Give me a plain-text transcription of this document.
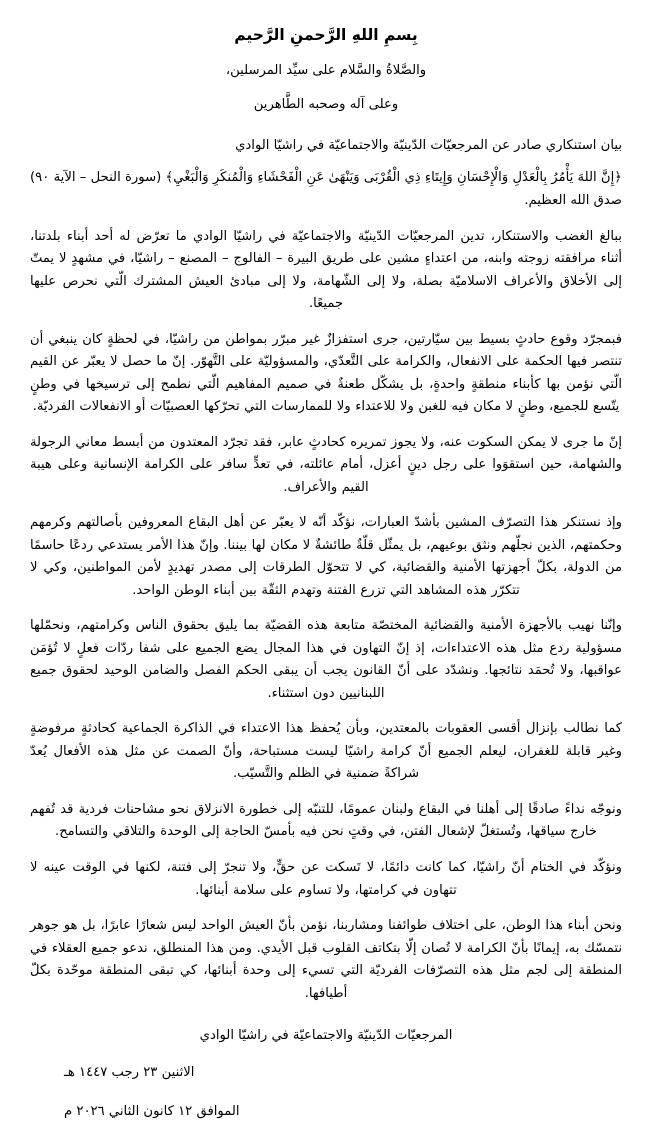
بِسمِ اللهِ الرَّحمنِ الرَّحيم
والصَّلاةُ والسَّلام على سيِّد المرسلين،
وعلى آله وصحبه الطَّاهرين
بيان استنكاري صادر عن المرجعيّات الدّينيّة والاجتماعيّة في راشيّا الوادي
﴿إِنَّ اللهَ يَأْمُرُ بِالْعَدْلِ وَالْإِحْسَانِ وَإِيتَاءِ ذِي الْقُرْبَى وَيَنْهَىٰ عَنِ الْفَحْشَاءِ وَالْمُنكَرِ وَالْبَغْيِ﴾ (سورة النحل – الآية ٩٠) صدق الله العظيم.
ببالغ الغضب والاستنكار، تدين المرجعيّات الدّينيّة والاجتماعيّة في راشيّا الوادي ما تعرّض له أحد أبناء بلدتنا، أثناء مرافقته زوجته وابنه، من اعتداءٍ مشين على طريق البيرة – الفالوج – المصنع – راشيّا، في مشهدٍ لا يمتّ إلى الأخلاق والأعراف الاسلاميّة بصلة، ولا إلى الشّهامة، ولا إلى مبادئ العيش المشترك الّتي نحرص عليها جميعًا.
فبمجرّد وقوع حادثٍ بسيط بين سيّارتين، جرى استفزازٌ غير مبرّر بمواطن من راشيّا، في لحظةٍ كان ينبغي أن تنتصر فيها الحكمة على الانفعال، والكرامة على التَّعدّي، والمسؤوليّة على التَّهوّر. إنّ ما حصل لا يعبّر عن القيم الّتي نؤمن بها كأبناء منطقةٍ واحدةٍ، بل يشكّل طعنةٌ في صميم المفاهيم الّتي نطمح إلى ترسيخها في وطنٍ يتّسع للجميع، وطنٍ لا مكان فيه للغبن ولا للاعتداء ولا للممارسات التي تحرّكها العصبيّات أو الانفعالات الفرديّة.
إنّ ما جرى لا يمكن السكوت عنه، ولا يجوز تمريره كحادثٍ عابر، فقد تجرّد المعتدون من أبسط معاني الرجولة والشهامة، حين استقوَوا على رجل دينٍ أعزل، أمام عائلته، في تعدٍّ سافر على الكرامة الإنسانية وعلى هيبة القيم والأعراف.
وإذ نستنكر هذا التصرّف المشين بأشدّ العبارات، نؤكّد أنّه لا يعبّر عن أهل البقاع المعروفين بأصالتهم وكرمهم وحكمتهم، الذين نجلّهم ونثق بوعيهم، بل يمثّل قلّةٌ طائشةٌ لا مكان لها بيننا. وإنّ هذا الأمر يستدعي ردعًا حاسمًا من الدولة، بكلّ أجهزتها الأمنية والقضائية، كي لا تتحوّل الطرقات إلى مصدر تهديدٍ لأمن المواطنين، وكي لا تتكرّر هذه المشاهد التي تزرع الفتنة وتهدم الثقّة بين أبناء الوطن الواحد.
وإنّنا نهيب بالأجهزة الأمنية والقضائية المختصّة متابعة هذه القضيّة بما يليق بحقوق الناس وكرامتهم، ونحمّلها مسؤولية ردع مثل هذه الاعتداءات، إذ إنّ التهاون في هذا المجال يضع الجميع على شفا ردّات فعلٍ لا تُؤمَن عواقبها، ولا تُحمَد نتائجها. ونشدّد على أنّ القانون يجب أن يبقى الحكم الفصل والضامن الوحيد لحقوق جميع اللبنانيين دون استثناء.
كما نطالب بإنزال أقسى العقوبات بالمعتدين، وبأن يُحفظ هذا الاعتداء في الذاكرة الجماعية كحادثةٍ مرفوضةٍ وغير قابلة للغفران، ليعلم الجميع أنّ كرامة راشيّا ليست مستباحة، وأنّ الصمت عن مثل هذه الأفعال يُعدّ شراكةً ضمنية في الظلم والتَّسيّب.
ونوجّه نداءً صادقًا إلى أهلنا في البقاع ولبنان عمومًا، للتنبّه إلى خطورة الانزلاق نحو مشاحنات فردية قد تُفهم خارج سياقها، وتُستغلّ لإشعال الفتن، في وقتٍ نحن فيه بأمسّ الحاجة إلى الوحدة والتلاقي والتسامح.
ونؤكّد في الختام أنّ راشيّا، كما كانت دائمًا، لا تَسكت عن حقٍّ، ولا تنجرّ إلى فتنة، لكنها في الوقت عينه لا تتهاون في كرامتها، ولا تساوم على سلامة أبنائها.
ونحن أبناء هذا الوطن، على اختلاف طوائفنا ومشاربنا، نؤمن بأنّ العيش الواحد ليس شعارًا عابرًا، بل هو جوهر نتمسّك به، إيمانًا بأنّ الكرامة لا تُصان إلّا بتكاتف القلوب قبل الأيدي. ومن هذا المنطلق، ندعو جميع العقلاء في المنطقة إلى لجم مثل هذه التصرّفات الفرديّة التي تسيء إلى وحدة أبنائها، كي تبقى المنطقة موحّدة بكلّ أطيافها.
المرجعيّات الدّينيّة والاجتماعيّة في راشيّا الوادي
الاثنين ٢٣ رجب ١٤٤٧ هـ
الموافق ١٢ كانون الثاني ٢٠٢٦ م
